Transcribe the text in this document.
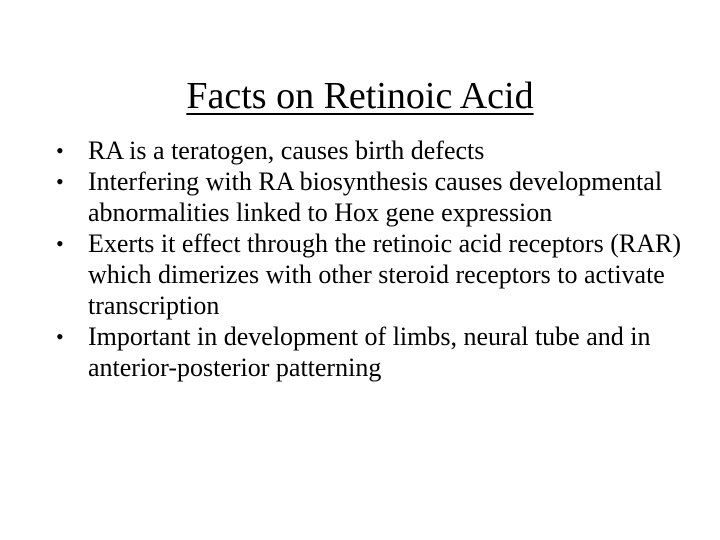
Facts on Retinoic Acid
• RA is a teratogen, causes birth defects
• Interfering with RA biosynthesis causes developmental abnormalities linked to Hox gene expression
• Exerts it effect through the retinoic acid receptors (RAR) which dimerizes with other steroid receptors to activate transcription
• Important in development of limbs, neural tube and in anterior-posterior patterning
